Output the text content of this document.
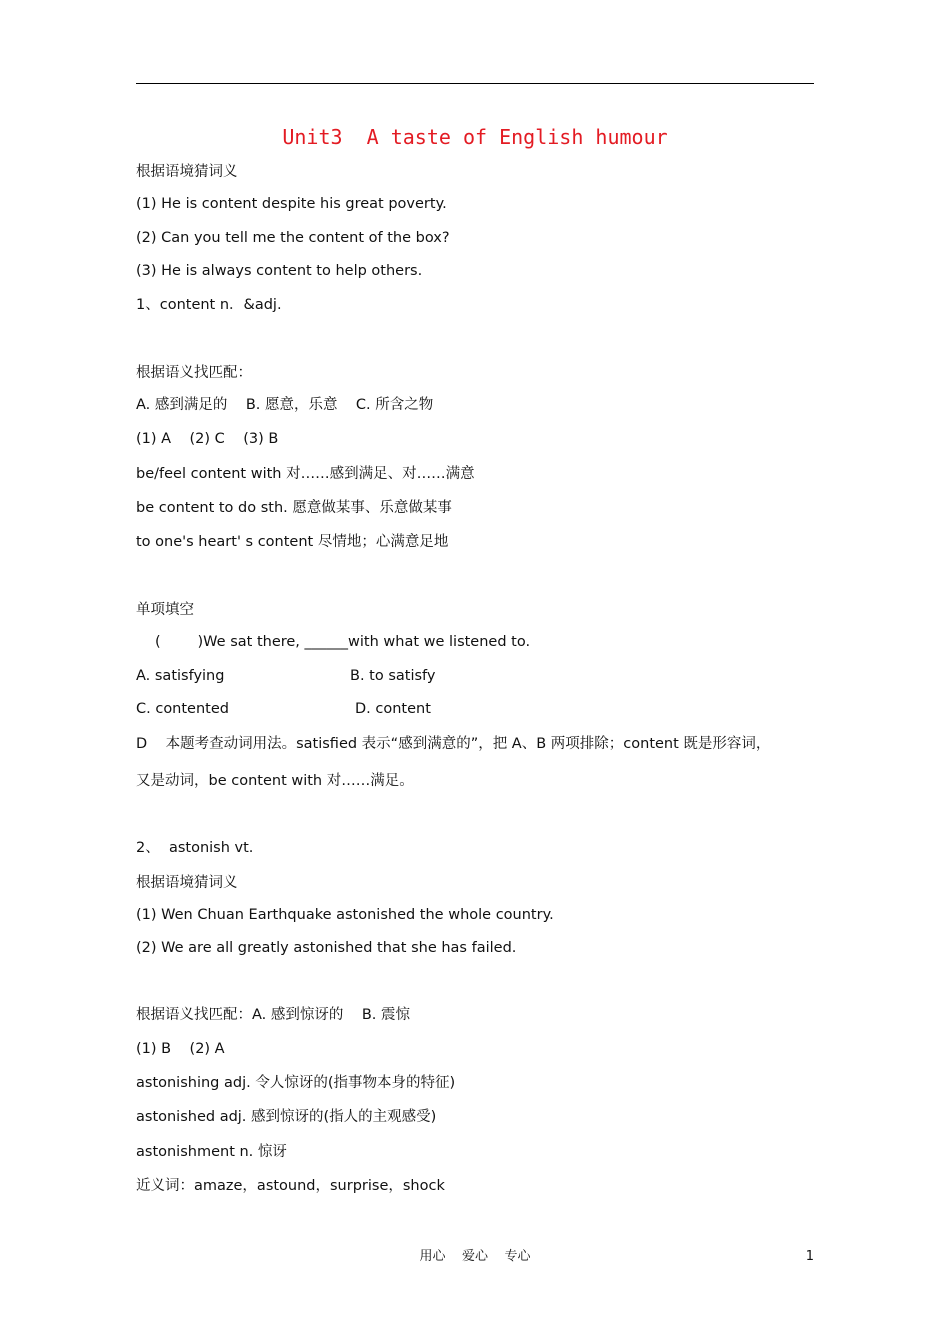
Unit3  A taste of English humour
根据语境猜词义
(1) He is content despite his great poverty.
(2) Can you tell me the content of the box?
(3) He is always content to help others.
1、content n．&adj.
根据语义找匹配：
A. 感到满足的    B. 愿意，乐意    C. 所含之物
(1) A    (2) C    (3) B
be/feel content with 对……感到满足、对……满意
be content to do sth. 愿意做某事、乐意做某事
to one's heart' s content 尽情地；心满意足地
单项填空
(        )We sat there, ______with what we listened to.
A. satisfying	B. to satisfy
C. contented	D. content
D    本题考查动词用法。satisfied 表示“感到满意的”，把 A、B 两项排除；content 既是形容词，
又是动词，be content with 对……满足。
2、  astonish vt.
根据语境猜词义
(1) Wen Chuan Earthquake astonished the whole country.
(2) We are all greatly astonished that she has failed.
根据语义找匹配：A. 感到惊讶的    B. 震惊
(1) B    (2) A
astonishing adj. 令人惊讶的(指事物本身的特征)
astonished adj. 感到惊讶的(指人的主观感受)
astonishment n. 惊讶
近义词：amaze，astound，surprise，shock
用心    爱心    专心	1
